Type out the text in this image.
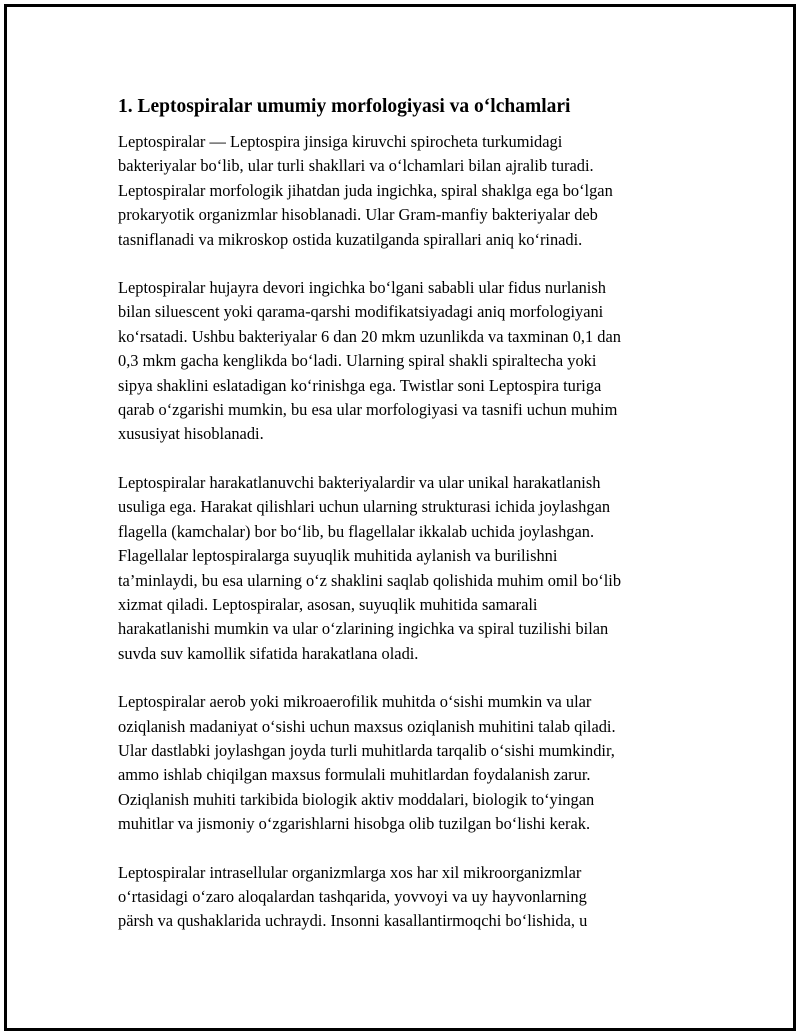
1. Leptospiralar umumiy morfologiyasi va o‘lchamlari

Leptospiralar — Leptospira jinsiga kiruvchi spirocheta turkumidagi
bakteriyalar bo‘lib, ular turli shakllari va o‘lchamlari bilan ajralib turadi.
Leptospiralar morfologik jihatdan juda ingichka, spiral shaklga ega bo‘lgan
prokaryotik organizmlar hisoblanadi. Ular Gram-manfiy bakteriyalar deb
tasniflanadi va mikroskop ostida kuzatilganda spirallari aniq ko‘rinadi.

Leptospiralar hujayra devori ingichka bo‘lgani sababli ular fidus nurlanish
bilan siluescent yoki qarama-qarshi modifikatsiyadagi aniq morfologiyani
ko‘rsatadi. Ushbu bakteriyalar 6 dan 20 mkm uzunlikda va taxminan 0,1 dan
0,3 mkm gacha kenglikda bo‘ladi. Ularning spiral shakli spiraltecha yoki
sipya shaklini eslatadigan ko‘rinishga ega. Twistlar soni Leptospira turiga
qarab o‘zgarishi mumkin, bu esa ular morfologiyasi va tasnifi uchun muhim
xususiyat hisoblanadi.

Leptospiralar harakatlanuvchi bakteriyalardir va ular unikal harakatlanish
usuliga ega. Harakat qilishlari uchun ularning strukturasi ichida joylashgan
flagella (kamchalar) bor bo‘lib, bu flagellalar ikkalab uchida joylashgan.
Flagellalar leptospiralarga suyuqlik muhitida aylanish va burilishni
ta’minlaydi, bu esa ularning o‘z shaklini saqlab qolishida muhim omil bo‘lib
xizmat qiladi. Leptospiralar, asosan, suyuqlik muhitida samarali
harakatlanishi mumkin va ular o‘zlarining ingichka va spiral tuzilishi bilan
suvda suv kamollik sifatida harakatlana oladi.

Leptospiralar aerob yoki mikroaerofilik muhitda o‘sishi mumkin va ular
oziqlanish madaniyat o‘sishi uchun maxsus oziqlanish muhitini talab qiladi.
Ular dastlabki joylashgan joyda turli muhitlarda tarqalib o‘sishi mumkindir,
ammo ishlab chiqilgan maxsus formulali muhitlardan foydalanish zarur.
Oziqlanish muhiti tarkibida biologik aktiv moddalari, biologik to‘yingan
muhitlar va jismoniy o‘zgarishlarni hisobga olib tuzilgan bo‘lishi kerak.

Leptospiralar intrasellular organizmlarga xos har xil mikroorganizmlar
o‘rtasidagi o‘zaro aloqalardan tashqarida, yovvoyi va uy hayvonlarning
pärsh va qushaklarida uchraydi. Insonni kasallantirmoqchi bo‘lishida, u
